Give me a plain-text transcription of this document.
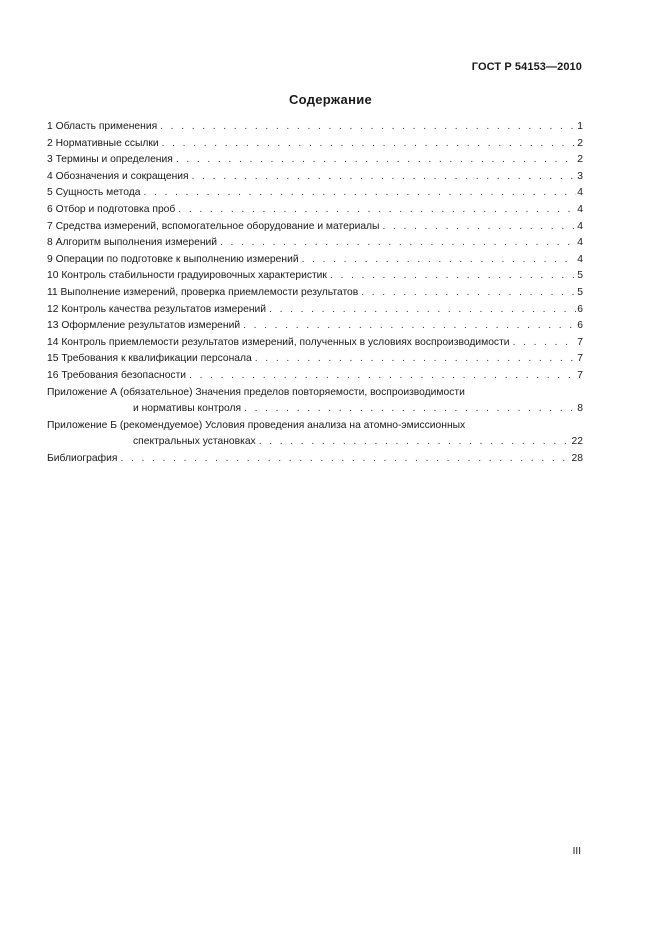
ГОСТ Р 54153—2010
Содержание
1 Область применения . . .	1
2 Нормативные ссылки . . .	2
3 Термины и определения . . .	2
4 Обозначения и сокращения . . .	3
5 Сущность метода . . .	4
6 Отбор и подготовка проб . . .	4
7 Средства измерений, вспомогательное оборудование и материалы . . .	4
8 Алгоритм выполнения измерений . . .	4
9 Операции по подготовке к выполнению измерений . . .	4
10 Контроль стабильности градуировочных характеристик . . .	5
11 Выполнение измерений, проверка приемлемости результатов . . .	5
12 Контроль качества результатов измерений . . .	6
13 Оформление результатов измерений . . .	6
14 Контроль приемлемости результатов измерений, полученных в условиях воспроизводимости . . .	7
15 Требования к квалификации персонала . . .	7
16 Требования безопасности . . .	7
Приложение А (обязательное) Значения пределов повторяемости, воспроизводимости
и нормативы контроля . . .	8
Приложение Б (рекомендуемое) Условия проведения анализа на атомно-эмиссионных
спектральных установках . . .	22
Библиография . . .	28
III
